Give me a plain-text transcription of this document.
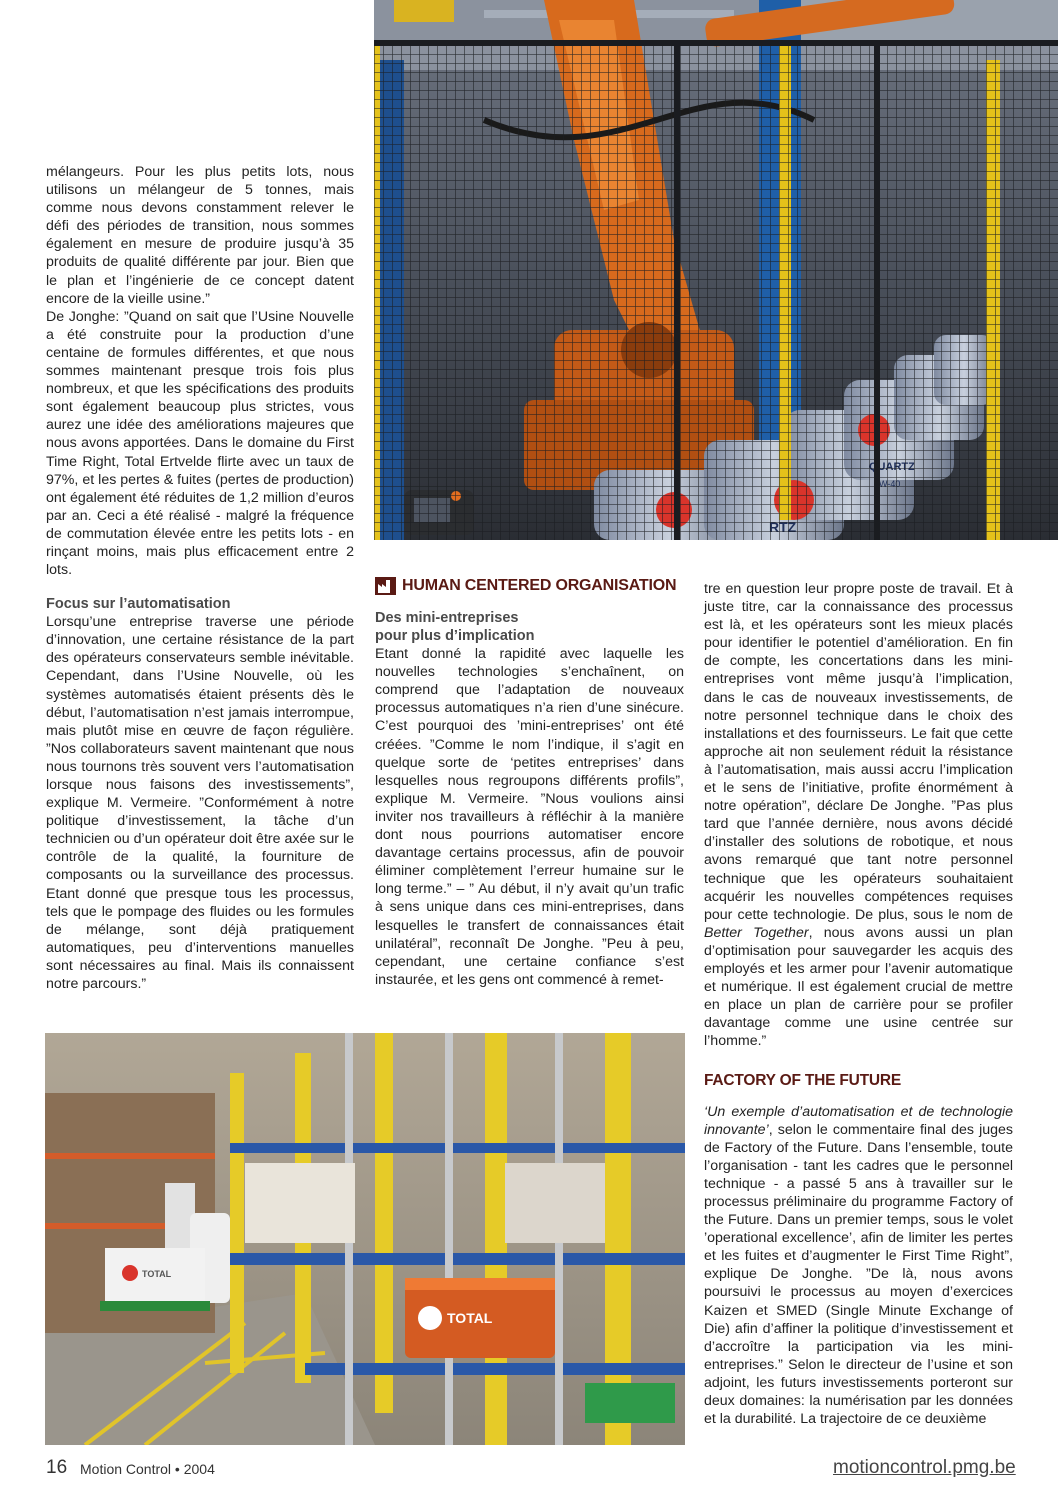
mélangeurs. Pour les plus petits lots, nous utilisons un mélangeur de 5 tonnes, mais comme nous devons constamment relever le défi des périodes de transition, nous sommes également en mesure de produire jusqu’à 35 produits de qualité différente par jour. Bien que le plan et l’ingénierie de ce concept datent encore de la vieille usine.”

De Jonghe: ”Quand on sait que l’Usine Nouvelle a été construite pour la production d’une centaine de formules différentes, et que nous sommes maintenant presque trois fois plus nombreux, et que les spécifications des produits sont également beaucoup plus strictes, vous aurez une idée des améliorations majeures que nous avons apportées. Dans le domaine du First Time Right, Total Ertvelde flirte avec un taux de 97%, et les pertes & fuites (pertes de production) ont également été réduites de 1,2 million d’euros par an. Ceci a été réalisé - malgré la fréquence de commutation élevée entre les petits lots - en rinçant moins, mais plus efficacement entre 2 lots.

Focus sur l’automatisation

Lorsqu’une entreprise traverse une période d’innovation, une certaine résistance de la part des opérateurs conservateurs semble inévitable. Cependant, dans l’Usine Nouvelle, où les systèmes automatisés étaient présents dès le début, l’automatisation n’est jamais interrompue, mais plutôt mise en œuvre de façon régulière. ”Nos collaborateurs savent maintenant que nous nous tournons très souvent vers l’automatisation lorsque nous faisons des investissements”, explique M. Vermeire. ”Conformément à notre politique d’investissement, la tâche d’un technicien ou d’un opérateur doit être axée sur le contrôle de la qualité, la fourniture de composants ou la surveillance des processus. Etant donné que presque tous les processus, tels que le pompage des fluides ou les formules de mélange, sont déjà pratiquement automatiques, peu d’interventions manuelles sont nécessaires au final. Mais ils connaissent notre parcours.”

HUMAN CENTERED ORGANISATION

Des mini-entreprises

pour plus d’implication

Etant donné la rapidité avec laquelle les nouvelles technologies s’enchaînent, on comprend que l’adaptation de nouveaux processus automatiques n’a rien d’une sinécure. C’est pourquoi des ’mini-entreprises’ ont été créées. ”Comme le nom l’indique, il s’agit en quelque sorte de ‘petites entreprises’ dans lesquelles nous regroupons différents profils”, explique M. Vermeire. ”Nous voulions ainsi inviter nos travailleurs à réfléchir à la manière dont nous pourrions automatiser encore davantage certains processus, afin de pouvoir éliminer complètement l’erreur humaine sur le long terme.” – ” Au début, il n’y avait qu’un trafic à sens unique dans ces mini-entreprises, dans lesquelles le transfert de connaissances était unilatéral”, reconnaît De Jonghe. ”Peu à peu, cependant, une certaine confiance s’est instaurée, et les gens ont commencé à remet-

tre en question leur propre poste de travail. Et à juste titre, car la connaissance des processus est là, et les opérateurs sont les mieux placés pour identifier le potentiel d’amélioration. En fin de compte, les concertations dans les mini-entreprises vont même jusqu’à l’implication, dans le cas de nouveaux investissements, de notre personnel technique dans le choix des installations et des fournisseurs. Le fait que cette approche ait non seulement réduit la résistance à l’automatisation, mais aussi accru l’implication et le sens de l’initiative, profite énormément à notre opération”, déclare De Jonghe. ”Pas plus tard que l’année dernière, nous avons décidé d’installer des solutions de robotique, et nous avons remarqué que tant notre personnel technique que les opérateurs souhaitaient acquérir les nouvelles compétences requises pour cette technologie. De plus, sous le nom de Better Together, nous avons aussi un plan d’optimisation pour sauvegarder les acquis des employés et les armer pour l’avenir automatique et numérique. Il est également crucial de mettre en place un plan de carrière pour se profiler davantage comme une usine centrée sur l’homme.”

FACTORY OF THE FUTURE

‘Un exemple d’automatisation et de technologie innovante’, selon le commentaire final des juges de Factory of the Future. Dans l’ensemble, toute l’organisation - tant les cadres que le personnel technique - a passé 5 ans à travailler sur le processus préliminaire du programme Factory of the Future. Dans un premier temps, sous le volet ’operational excellence’, afin de limiter les pertes et les fuites et d’augmenter le First Time Right”, explique De Jonghe. ”De là, nous avons poursuivi le processus au moyen d’exercices Kaizen et SMED (Single Minute Exchange of Die) afin d’affiner la politique d’investissement et d’accroître la participation via les mini-entreprises.” Selon le directeur de l’usine et son adjoint, les futurs investissements porteront sur deux domaines: la numérisation par les données et la durabilité. La trajectoire de ce deuxième

TOTAL
TOTAL
16 Motion Control • 2004	motioncontrol.pmg.be
